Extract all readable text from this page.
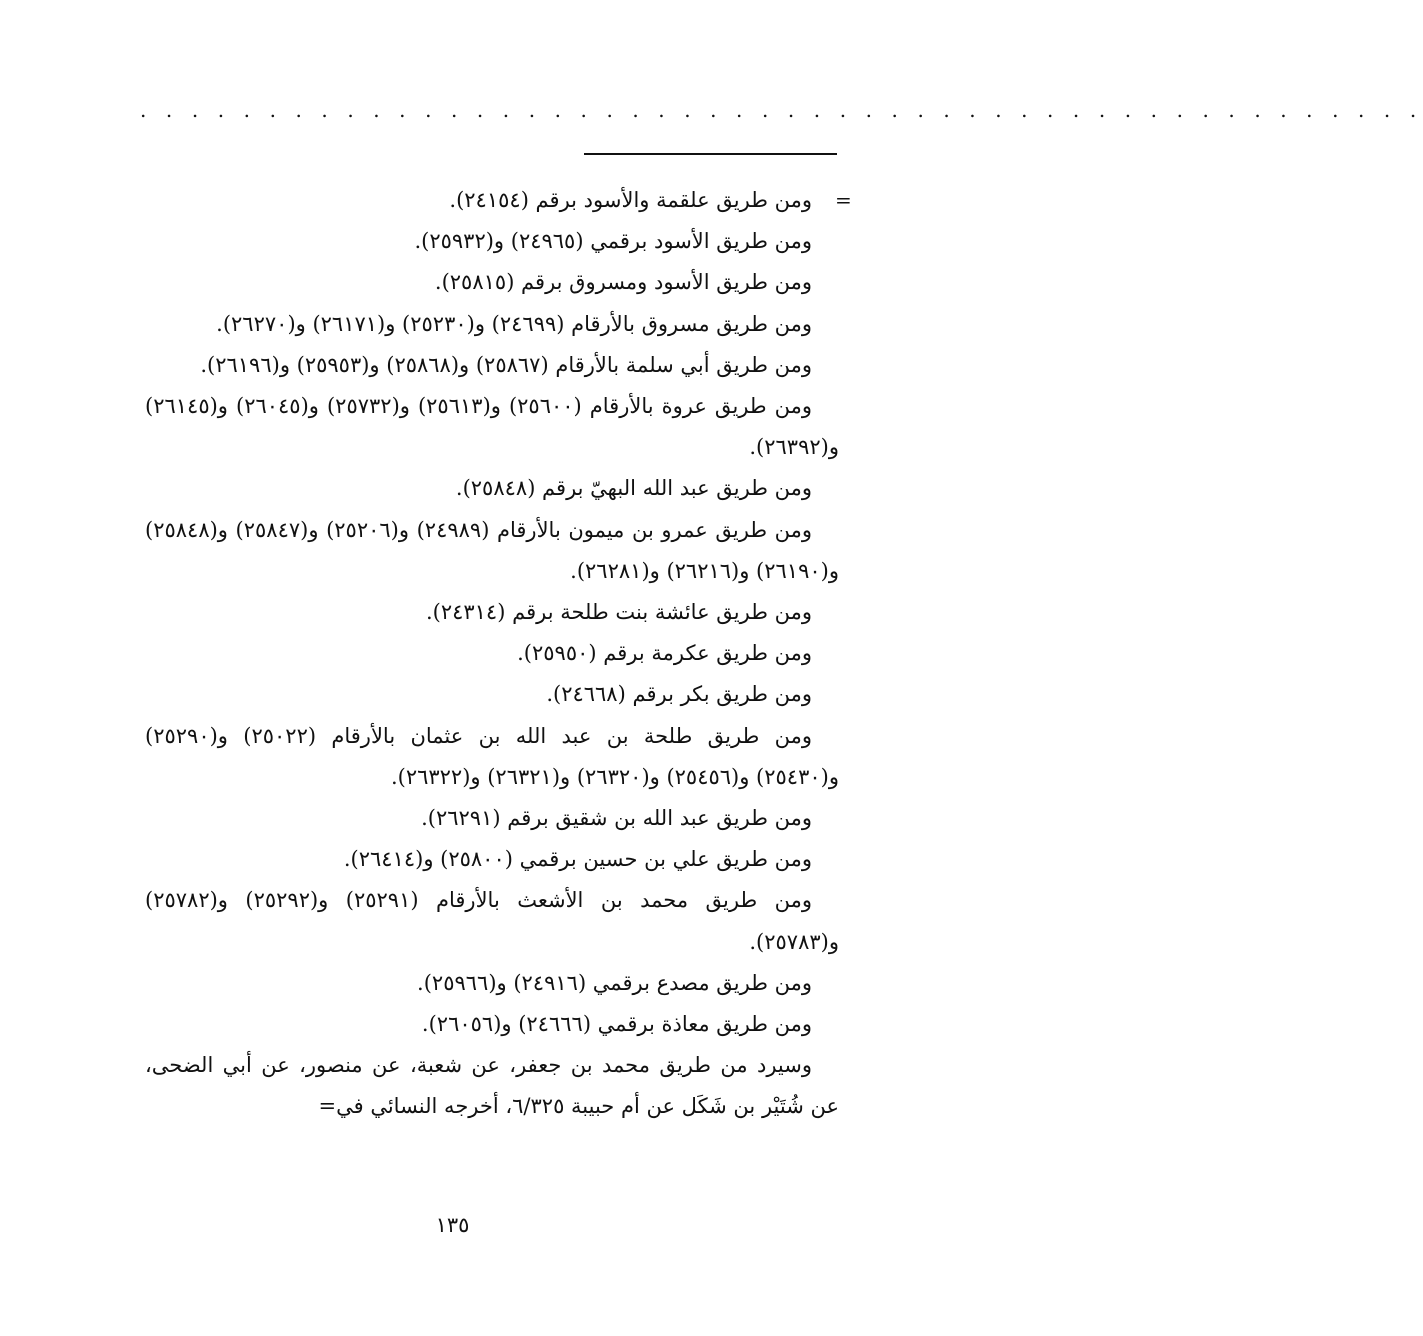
. . . . . . . . . . . . . . . . . . . . . . . . . . . . . . . . . . . . . . . . . . . . . . . . . .
=

ومن طريق علقمة والأسود برقم (٢٤١٥٤).

ومن طريق الأسود برقمي (٢٤٩٦٥) و(٢٥٩٣٢).

ومن طريق الأسود ومسروق برقم (٢٥٨١٥).

ومن طريق مسروق بالأرقام (٢٤٦٩٩) و(٢٥٢٣٠) و(٢٦١٧١) و(٢٦٢٧٠).

ومن طريق أبي سلمة بالأرقام (٢٥٨٦٧) و(٢٥٨٦٨) و(٢٥٩٥٣) و(٢٦١٩٦).

ومن طريق عروة بالأرقام (٢٥٦٠٠) و(٢٥٦١٣) و(٢٥٧٣٢) و(٢٦٠٤٥) و(٢٦١٤٥) و(٢٦٣٩٢).

ومن طريق عبد الله البهيّ برقم (٢٥٨٤٨).

ومن طريق عمرو بن ميمون بالأرقام (٢٤٩٨٩) و(٢٥٢٠٦) و(٢٥٨٤٧) و(٢٥٨٤٨) و(٢٦١٩٠) و(٢٦٢١٦) و(٢٦٢٨١).

ومن طريق عائشة بنت طلحة برقم (٢٤٣١٤).

ومن طريق عكرمة برقم (٢٥٩٥٠).

ومن طريق بكر برقم (٢٤٦٦٨).

ومن طريق طلحة بن عبد الله بن عثمان بالأرقام (٢٥٠٢٢) و(٢٥٢٩٠) و(٢٥٤٣٠) و(٢٥٤٥٦) و(٢٦٣٢٠) و(٢٦٣٢١) و(٢٦٣٢٢).

ومن طريق عبد الله بن شقيق برقم (٢٦٢٩١).

ومن طريق علي بن حسين برقمي (٢٥٨٠٠) و(٢٦٤١٤).

ومن طريق محمد بن الأشعث بالأرقام (٢٥٢٩١) و(٢٥٢٩٢) و(٢٥٧٨٢) و(٢٥٧٨٣).

ومن طريق مصدع برقمي (٢٤٩١٦) و(٢٥٩٦٦).

ومن طريق معاذة برقمي (٢٤٦٦٦) و(٢٦٠٥٦).

وسيرد من طريق محمد بن جعفر، عن شعبة، عن منصور، عن أبي الضحى، عن شُتَيْر بن شَكَل عن أم حبيبة ٦/٣٢٥، أخرجه النسائي في=

١٣٥
